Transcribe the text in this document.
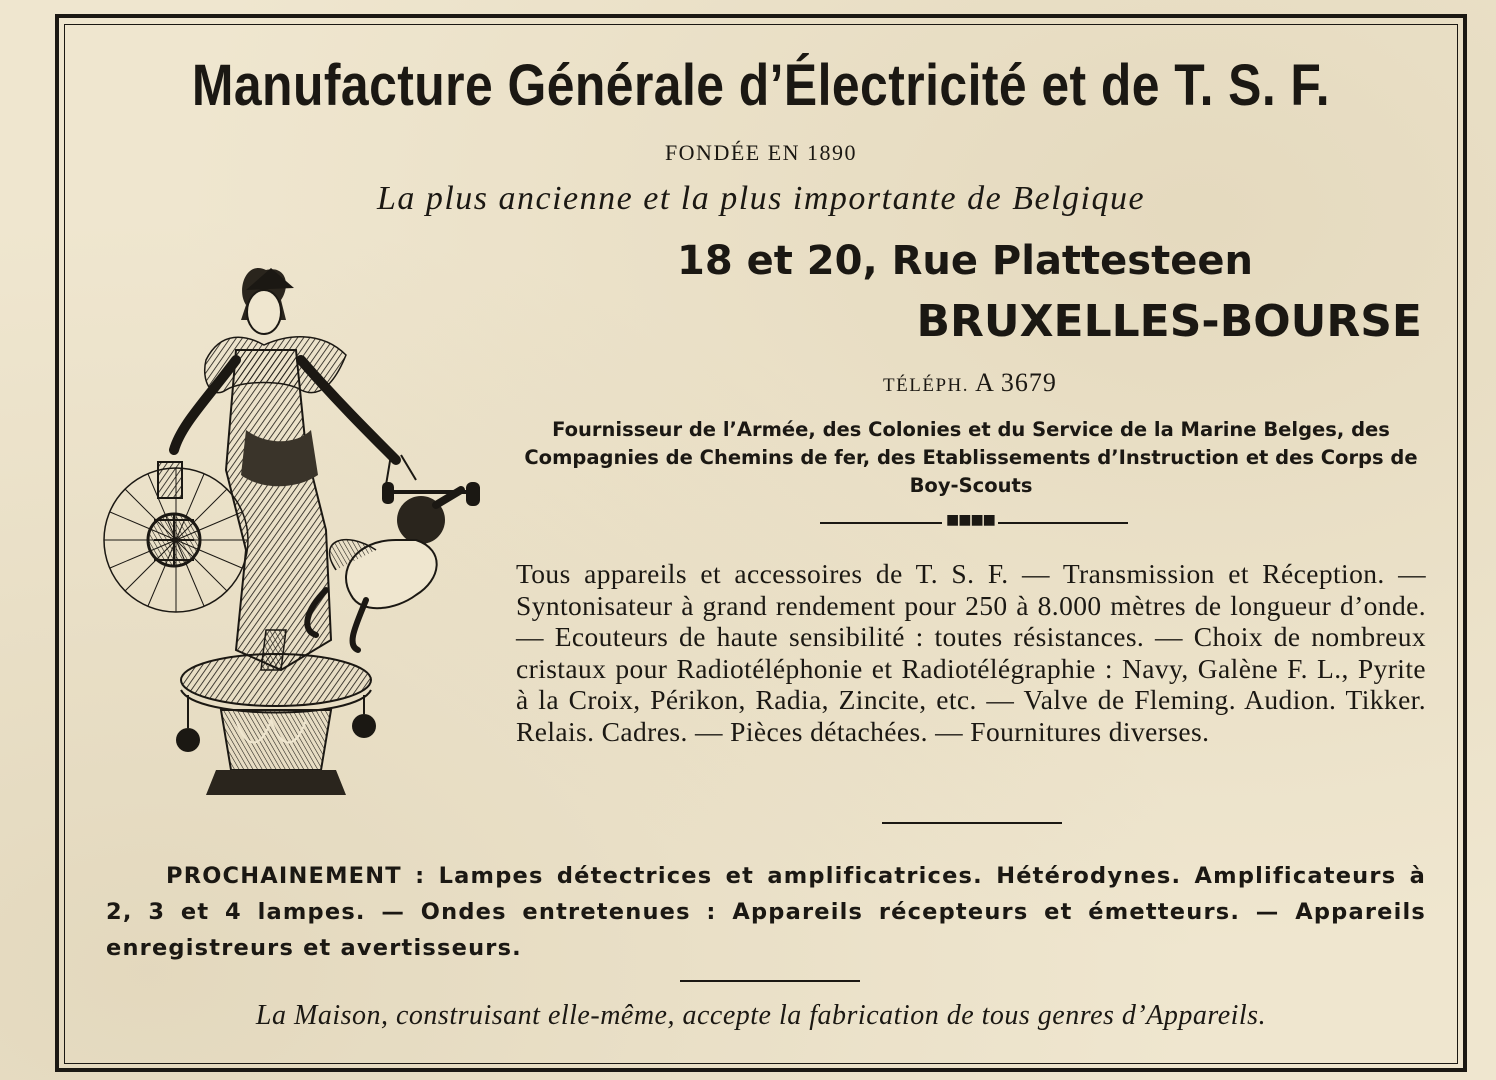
Manufacture Générale d’Électricité et de T. S. F.
FONDÉE EN 1890
La plus ancienne et la plus importante de Belgique
18 et 20, Rue Plattesteen
BRUXELLES-BOURSE
TÉLÉPH. A 3679
Fournisseur de l’Armée, des Colonies et du Service de la Marine Belges, des Compagnies de Chemins de fer, des Etablissements d’Instruction et des Corps de Boy-Scouts
■■■■
Tous appareils et accessoires de T. S. F. — Transmission et Réception. — Syntonisateur à grand rendement pour 250 à 8.000 mètres de longueur d’onde. — Ecouteurs de haute sensibilité : toutes résistances. — Choix de nombreux cristaux pour Radiotéléphonie et Radiotélégraphie : Navy, Galène F. L., Pyrite à la Croix, Périkon, Radia, Zincite, etc. — Valve de Fleming. Audion. Tikker. Relais. Cadres. — Pièces détachées. — Fournitures diverses.
PROCHAINEMENT : Lampes détectrices et amplificatrices. Hétérodynes. Amplificateurs à 2, 3 et 4 lampes. — Ondes entretenues : Appareils récepteurs et émetteurs. — Appareils enregistreurs et avertisseurs.
La Maison, construisant elle-même, accepte la fabrication de tous genres d’Appareils.
